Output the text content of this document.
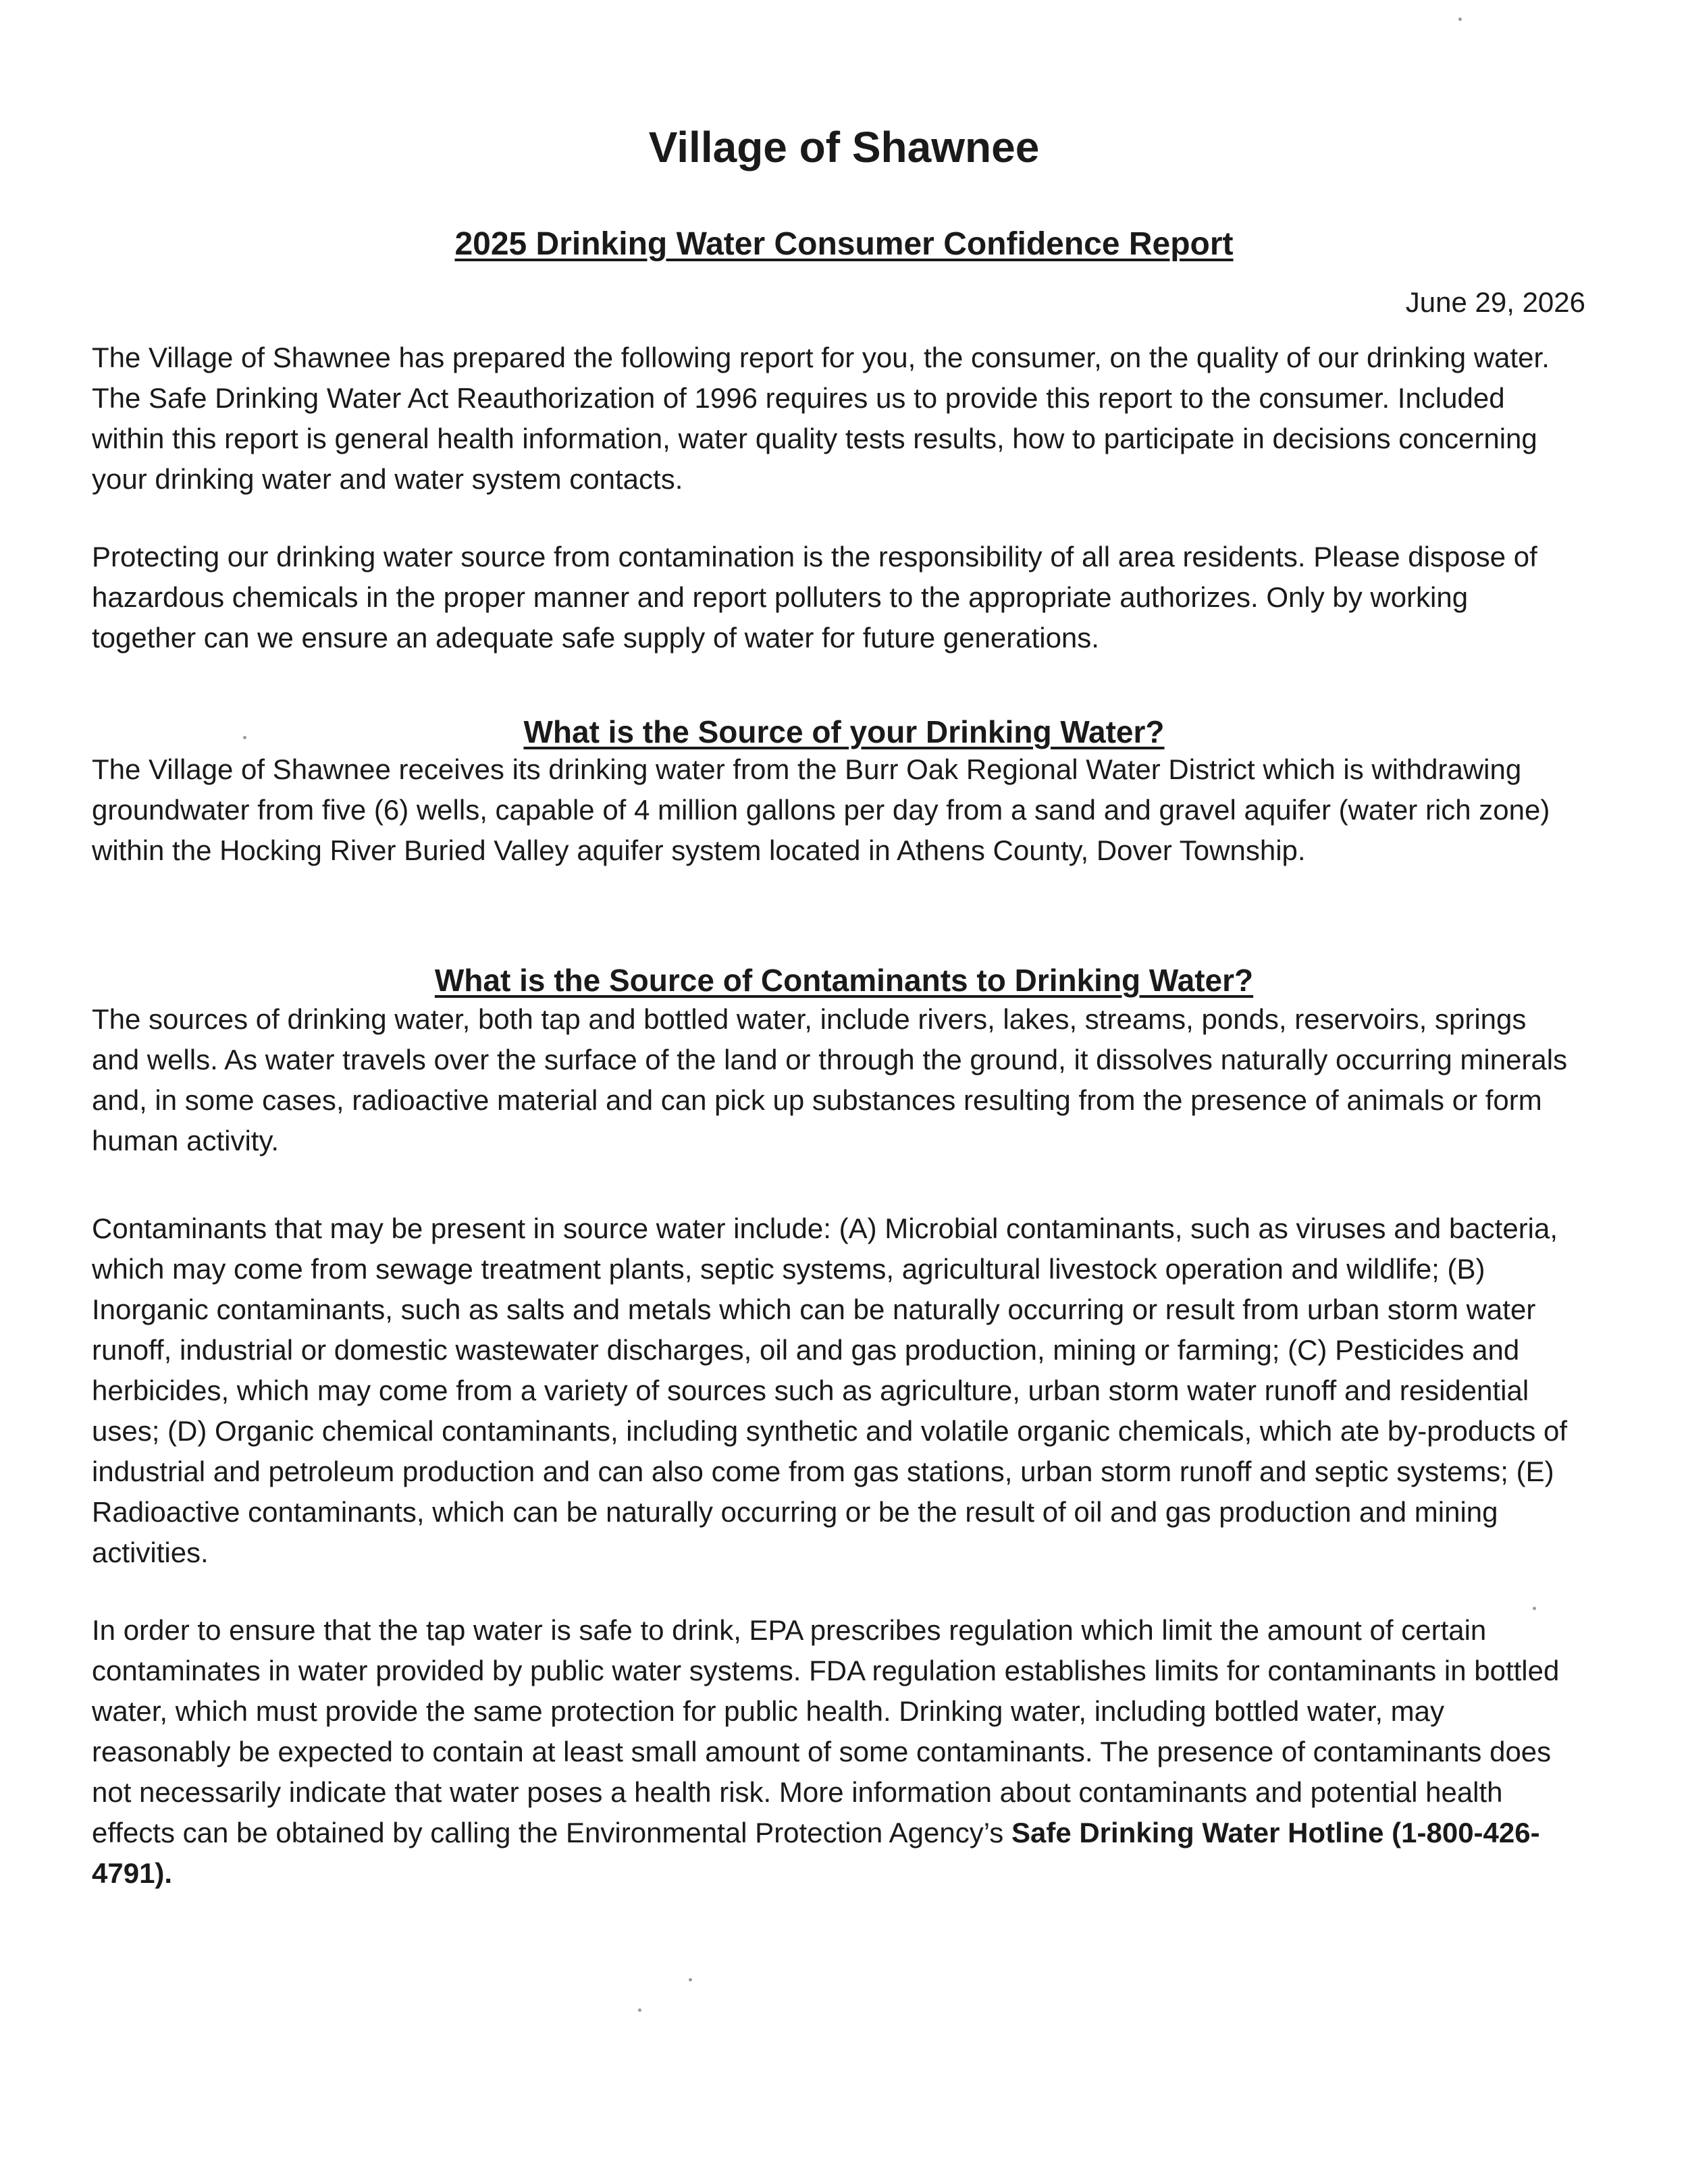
Village of Shawnee
2025 Drinking Water Consumer Confidence Report

June 29, 2026

The Village of Shawnee has prepared the following report for you, the consumer, on the quality of our drinking water. The Safe Drinking Water Act Reauthorization of 1996 requires us to provide this report to the consumer. Included within this report is general health information, water quality tests results, how to participate in decisions concerning your drinking water and water system contacts.

Protecting our drinking water source from contamination is the responsibility of all area residents. Please dispose of hazardous chemicals in the proper manner and report polluters to the appropriate authorizes. Only by working together can we ensure an adequate safe supply of water for future generations.

What is the Source of your Drinking Water?

The Village of Shawnee receives its drinking water from the Burr Oak Regional Water District which is withdrawing groundwater from five (6) wells, capable of 4 million gallons per day from a sand and gravel aquifer (water rich zone) within the Hocking River Buried Valley aquifer system located in Athens County, Dover Township.

What is the Source of Contaminants to Drinking Water?

The sources of drinking water, both tap and bottled water, include rivers, lakes, streams, ponds, reservoirs, springs and wells. As water travels over the surface of the land or through the ground, it dissolves naturally occurring minerals and, in some cases, radioactive material and can pick up substances resulting from the presence of animals or form human activity.

Contaminants that may be present in source water include: (A) Microbial contaminants, such as viruses and bacteria, which may come from sewage treatment plants, septic systems, agricultural livestock operation and wildlife; (B) Inorganic contaminants, such as salts and metals which can be naturally occurring or result from urban storm water runoff, industrial or domestic wastewater discharges, oil and gas production, mining or farming; (C) Pesticides and herbicides, which may come from a variety of sources such as agriculture, urban storm water runoff and residential uses; (D) Organic chemical contaminants, including synthetic and volatile organic chemicals, which ate by-products of industrial and petroleum production and can also come from gas stations, urban storm runoff and septic systems; (E) Radioactive contaminants, which can be naturally occurring or be the result of oil and gas production and mining activities.

In order to ensure that the tap water is safe to drink, EPA prescribes regulation which limit the amount of certain contaminates in water provided by public water systems. FDA regulation establishes limits for contaminants in bottled water, which must provide the same protection for public health. Drinking water, including bottled water, may reasonably be expected to contain at least small amount of some contaminants. The presence of contaminants does not necessarily indicate that water poses a health risk. More information about contaminants and potential health effects can be obtained by calling the Environmental Protection Agency’s Safe Drinking Water Hotline (1-800-426-4791).
